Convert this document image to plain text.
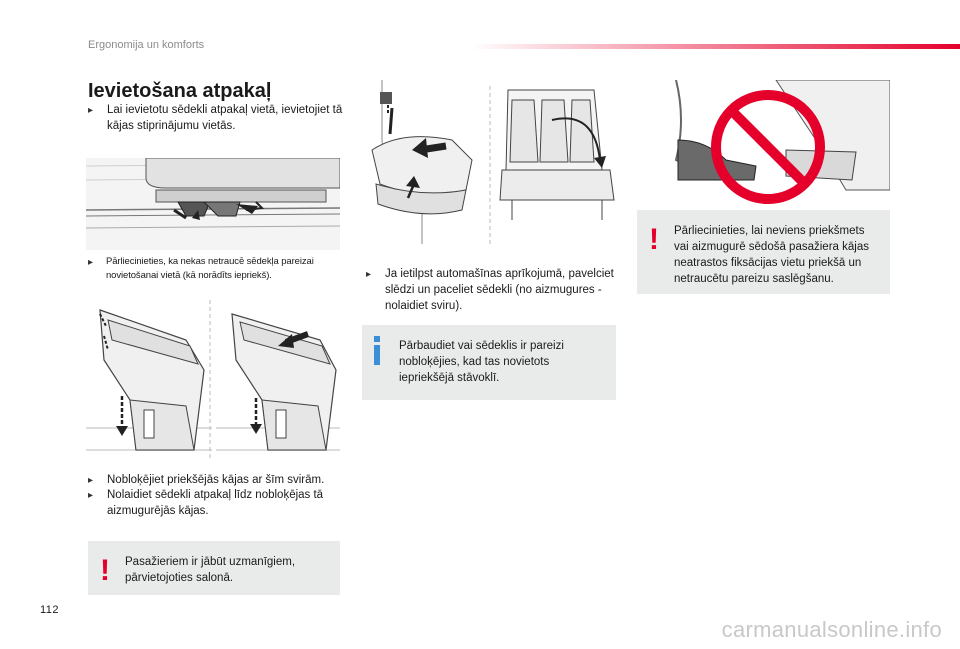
Ergonomija un komforts
Ievietošana atpakaļ
▸ Lai ievietotu sēdekli atpakaļ vietā, ievietojiet tā kājas stiprinājumu vietās.
▸ Pārliecinieties, ka nekas netraucē sēdekļa pareizai novietošanai vietā (kā norādīts iepriekš).
▸ Nobloķējiet priekšējās kājas ar šīm svirām.
▸ Nolaidiet sēdekli atpakaļ līdz nobloķējas tā aizmugurējās kājas.
! Pasažieriem ir jābūt uzmanīgiem, pārvietojoties salonā.
▸ Ja ietilpst automašīnas aprīkojumā, pavelciet slēdzi un paceliet sēdekli (no aizmugures - nolaidiet sviru).
Pārbaudiet vai sēdeklis ir pareizi nobloķējies, kad tas novietots iepriekšējā stāvoklī.
! Pārliecinieties, lai neviens priekšmets vai aizmugurē sēdošā pasažiera kājas neatrastos fiksācijas vietu priekšā un netraucētu pareizu saslēgšanu.
112
carmanualsonline.info
